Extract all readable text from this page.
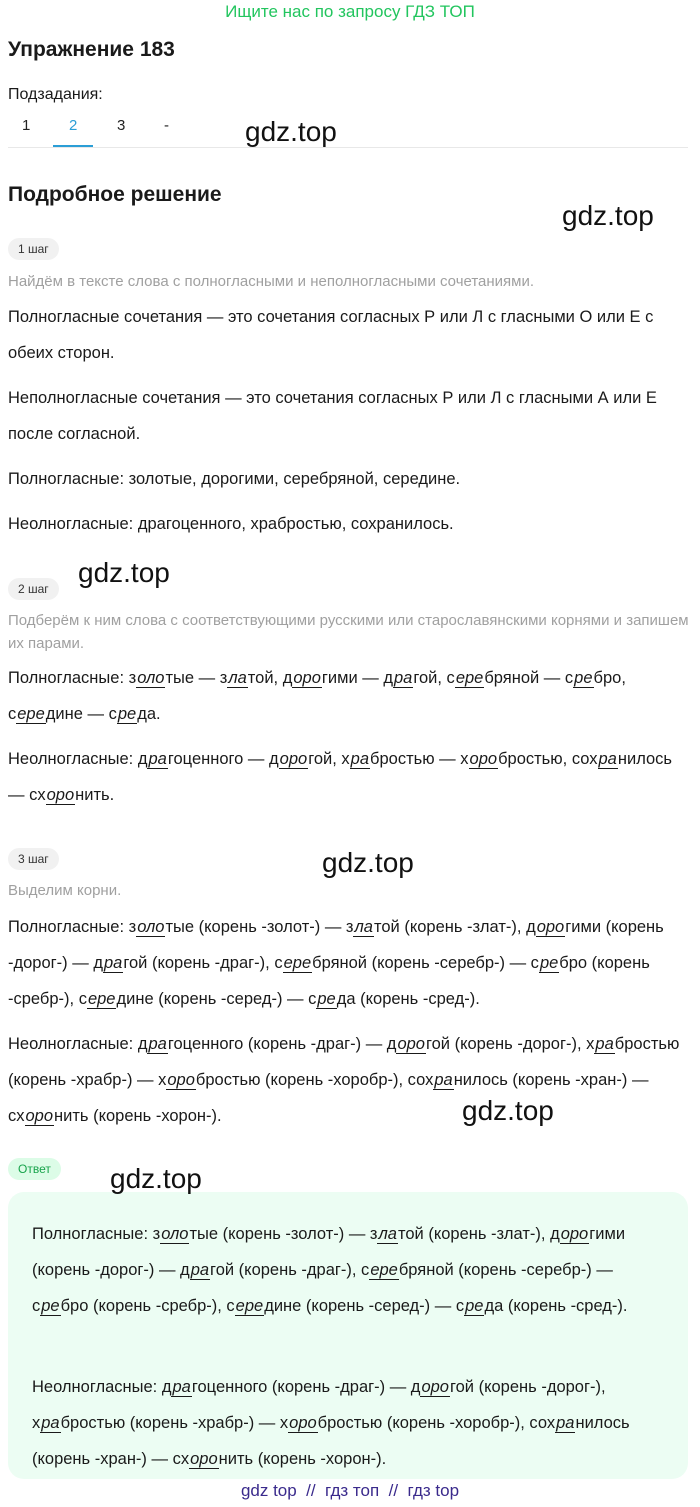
Ищите нас по запросу ГДЗ ТОП
Упражнение 183
Подзадания:
1	2	3	-
Подробное решение
gdz.top
gdz.top
gdz.top
gdz.top
gdz.top
gdz.top
1 шаг
Найдём в тексте слова с полногласными и неполногласными сочетаниями.
Полногласные сочетания — это сочетания согласных Р или Л с гласными О или Е с обеих сторон.
Неполногласные сочетания — это сочетания согласных Р или Л с гласными А или Е после согласной.
Полногласные: золотые, дорогими, серебряной, середине.
Неолногласные: драгоценного, храбростью, сохранилось.
2 шаг
Подберём к ним слова с соответствующими русскими или старославянскими корнями и запишем их парами.
Полногласные: золотые — златой, дорогими — драгой, серебряной — сребро, середине — среда.
Неолногласные: драгоценного — дорогой, храбростью — хоробростью, сохранилось — схоронить.
3 шаг
Выделим корни.
Полногласные: золотые (корень -золот-) — златой (корень -злат-), дорогими (корень -дорог-) — драгой (корень -драг-), серебряной (корень -серебр-) — сребро (корень -сребр-), середине (корень -серед-) — среда (корень -сред-).
Неолногласные: драгоценного (корень -драг-) — дорогой (корень -дорог-), храбростью (корень -храбр-) — хоробростью (корень -хоробр-), сохранилось (корень -хран-) — схоронить (корень -хорон-).
Ответ
Полногласные: золотые (корень -золот-) — златой (корень -злат-), дорогими (корень -дорог-) — драгой (корень -драг-), серебряной (корень -серебр-) — сребро (корень -сребр-), середине (корень -серед-) — среда (корень -сред-).
Неолногласные: драгоценного (корень -драг-) — дорогой (корень -дорог-), храбростью (корень -храбр-) — хоробростью (корень -хоробр-), сохранилось (корень -хран-) — схоронить (корень -хорон-).
gdz top  //  гдз топ  //  гдз top
